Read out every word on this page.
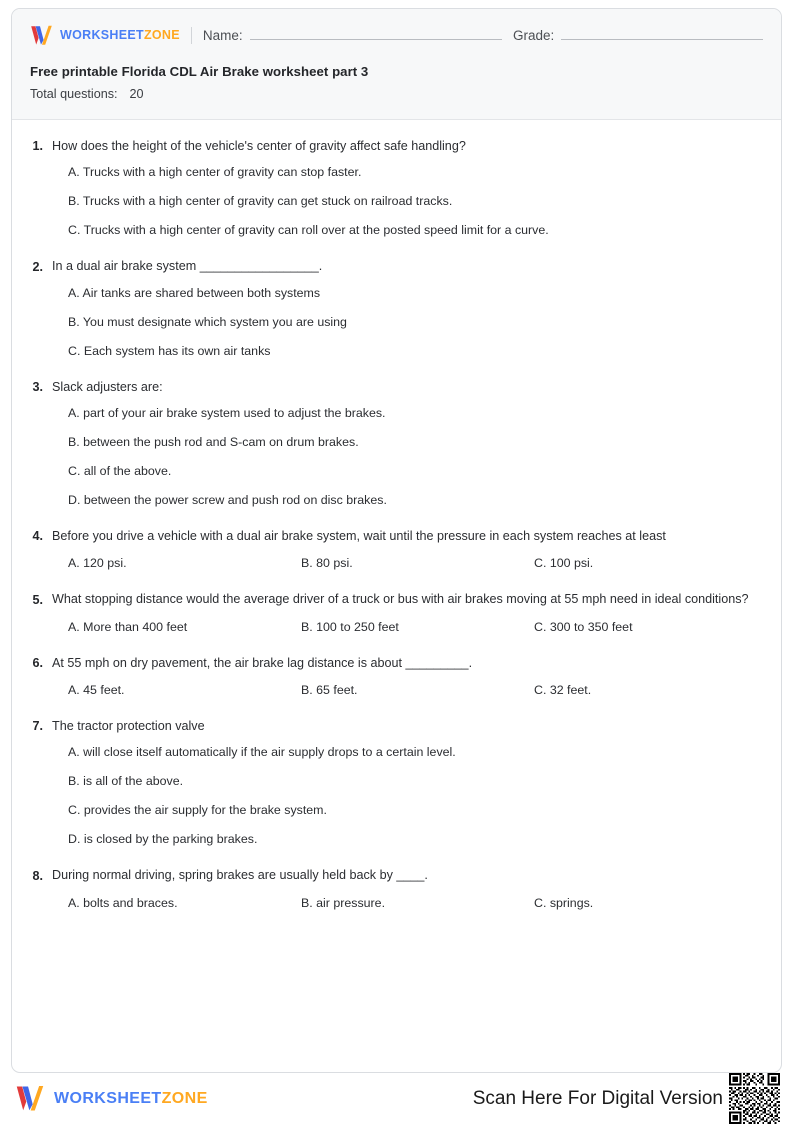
WORKSHEETZONE Name:	Grade:
Free printable Florida CDL Air Brake worksheet part 3
Total questions: 20
1. How does the height of the vehicle's center of gravity affect safe handling?
A. Trucks with a high center of gravity can stop faster.
B. Trucks with a high center of gravity can get stuck on railroad tracks.
C. Trucks with a high center of gravity can roll over at the posted speed limit for a curve.
2. In a dual air brake system _________________.
A. Air tanks are shared between both systems
B. You must designate which system you are using
C. Each system has its own air tanks
3. Slack adjusters are:
A. part of your air brake system used to adjust the brakes.
B. between the push rod and S-cam on drum brakes.
C. all of the above.
D. between the power screw and push rod on disc brakes.
4. Before you drive a vehicle with a dual air brake system, wait until the pressure in each system reaches at least
A. 120 psi.	B. 80 psi.	C. 100 psi.
5. What stopping distance would the average driver of a truck or bus with air brakes moving at 55 mph need in ideal conditions?
A. More than 400 feet	B. 100 to 250 feet	C. 300 to 350 feet
6. At 55 mph on dry pavement, the air brake lag distance is about _________.
A. 45 feet.	B. 65 feet.	C. 32 feet.
7. The tractor protection valve
A. will close itself automatically if the air supply drops to a certain level.
B. is all of the above.
C. provides the air supply for the brake system.
D. is closed by the parking brakes.
8. During normal driving, spring brakes are usually held back by ____.
A. bolts and braces.	B. air pressure.	C. springs.
WORKSHEETZONE	Scan Here For Digital Version
